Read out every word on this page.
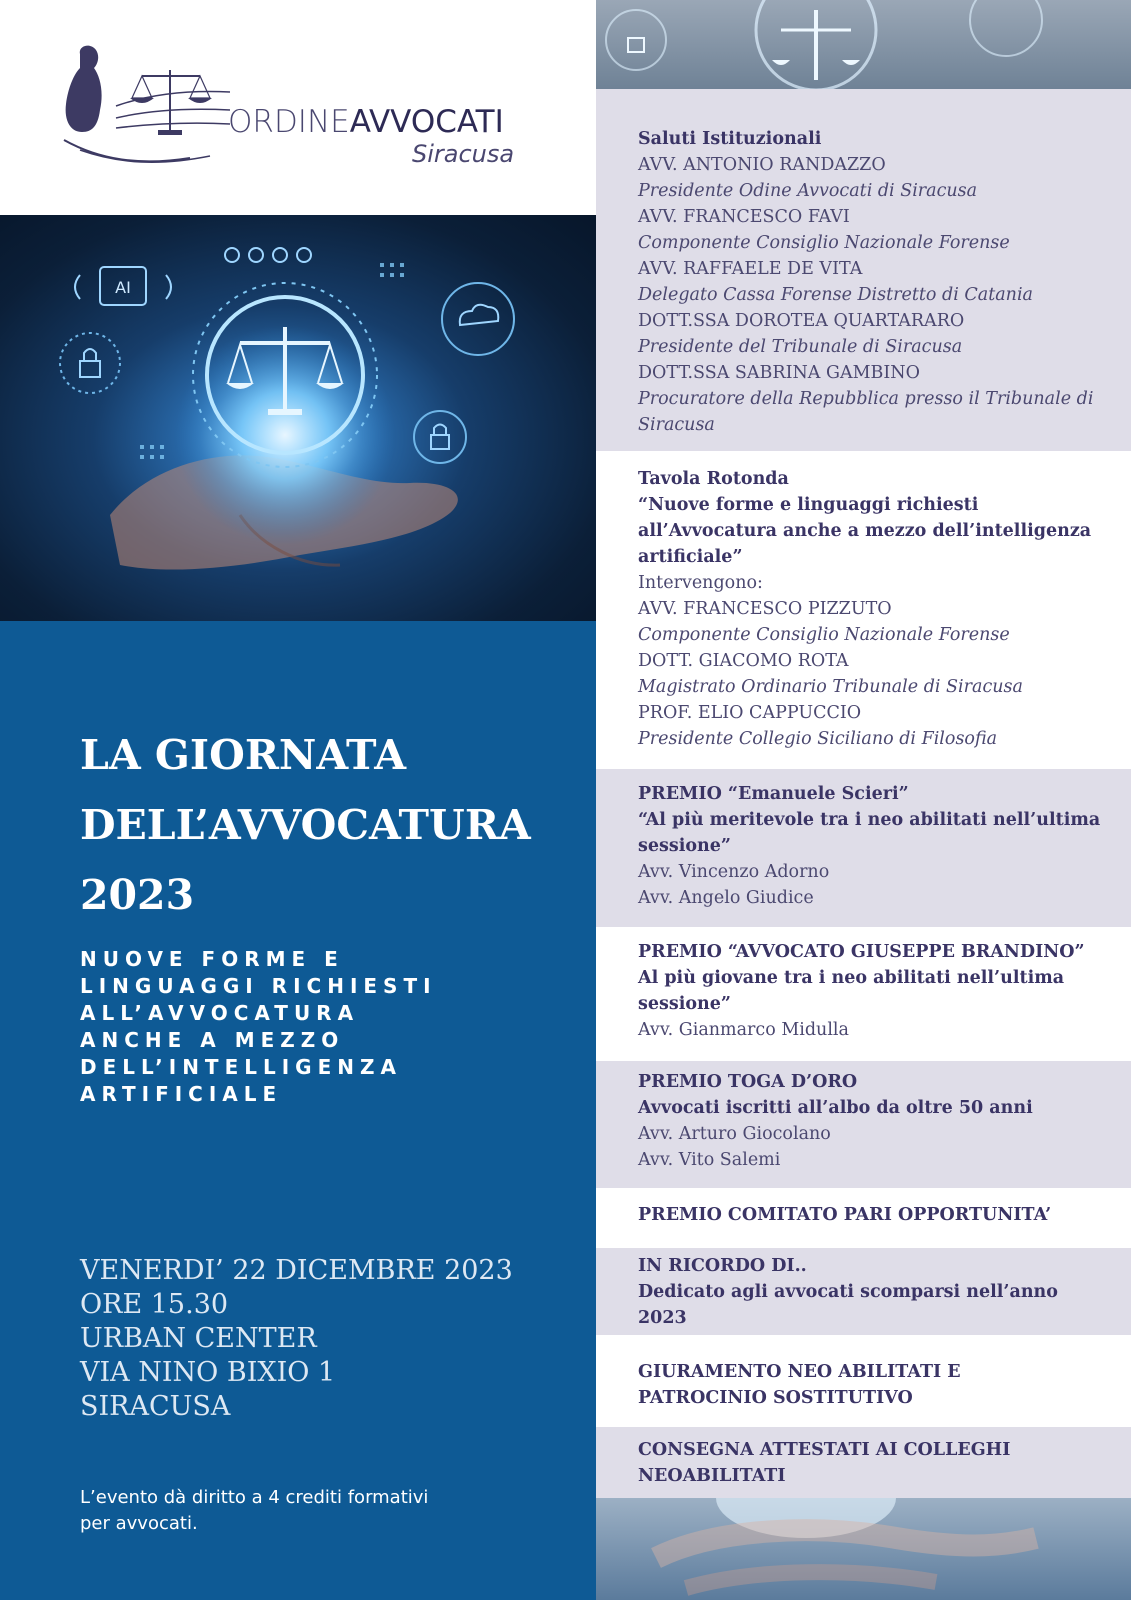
ORDINEAVVOCATI
Siracusa
AI
LA GIORNATA
DELL’AVVOCATURA
2023
NUOVE FORME E
LINGUAGGI RICHIESTI
ALL’AVVOCATURA
ANCHE A MEZZO
DELL’INTELLIGENZA
ARTIFICIALE
VENERDI’ 22 DICEMBRE 2023
ORE 15.30
URBAN CENTER
VIA NINO BIXIO 1
SIRACUSA
L’evento dà diritto a 4 crediti formativi
per avvocati.
Saluti Istituzionali
AVV. ANTONIO RANDAZZO
Presidente Odine Avvocati di Siracusa
AVV. FRANCESCO FAVI
Componente Consiglio Nazionale Forense
AVV. RAFFAELE DE VITA
Delegato Cassa Forense Distretto di Catania
DOTT.SSA DOROTEA QUARTARARO
Presidente del Tribunale di Siracusa
DOTT.SSA SABRINA GAMBINO
Procuratore della Repubblica presso il Tribunale di Siracusa
Tavola Rotonda
“Nuove forme e linguaggi richiesti
all’Avvocatura anche a mezzo dell’intelligenza
artificiale”
Intervengono:
AVV. FRANCESCO PIZZUTO
Componente Consiglio Nazionale Forense
DOTT. GIACOMO ROTA
Magistrato Ordinario Tribunale di Siracusa
PROF. ELIO CAPPUCCIO
Presidente Collegio Siciliano di Filosofia
PREMIO “Emanuele Scieri”
“Al più meritevole tra i neo abilitati nell’ultima
sessione”
Avv. Vincenzo Adorno
Avv. Angelo Giudice
PREMIO “AVVOCATO GIUSEPPE BRANDINO”
Al più giovane tra i neo abilitati nell’ultima
sessione”
Avv. Gianmarco Midulla
PREMIO TOGA D’ORO
Avvocati iscritti all’albo da oltre 50 anni
Avv. Arturo Giocolano
Avv. Vito Salemi
PREMIO COMITATO PARI OPPORTUNITA’
IN RICORDO DI..
Dedicato agli avvocati scomparsi nell’anno
2023
GIURAMENTO NEO ABILITATI E
PATROCINIO SOSTITUTIVO
CONSEGNA ATTESTATI AI COLLEGHI
NEOABILITATI
